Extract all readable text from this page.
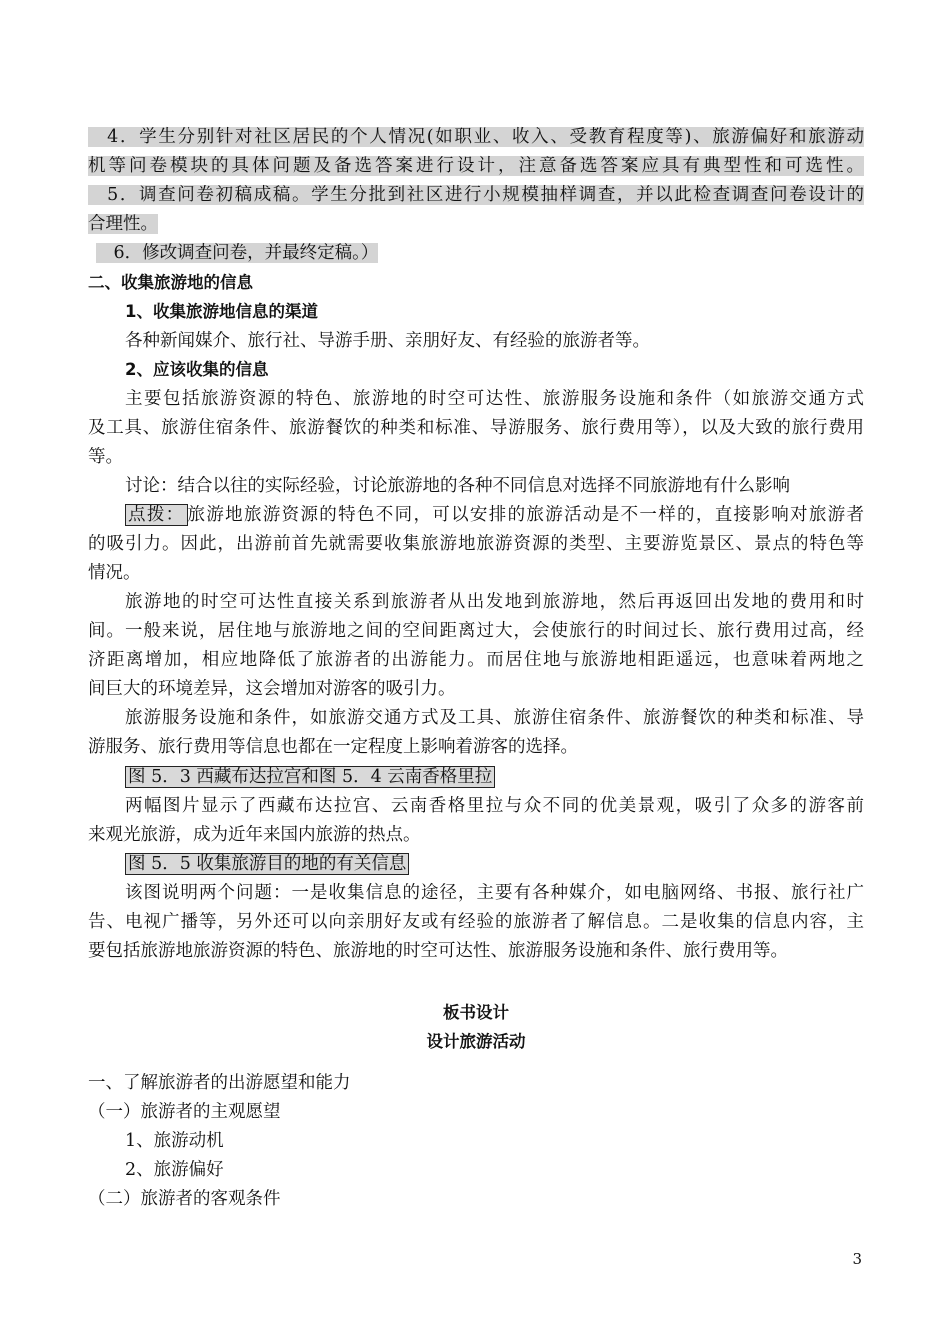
　4．学生分别针对社区居民的个人情况(如职业、收入、受教育程度等)、旅游偏好和旅游动
机等问卷模块的具体问题及备选答案进行设计，注意备选答案应具有典型性和可选性。
　5．调查问卷初稿成稿。学生分批到社区进行小规模抽样调查，并以此检查调查问卷设计的
合理性。
　6．修改调查问卷，并最终定稿。）
二、收集旅游地的信息
1、收集旅游地信息的渠道
各种新闻媒介、旅行社、导游手册、亲朋好友、有经验的旅游者等。
2、应该收集的信息
主要包括旅游资源的特色、旅游地的时空可达性、旅游服务设施和条件（如旅游交通方式
及工具、旅游住宿条件、旅游餐饮的种类和标准、导游服务、旅行费用等），以及大致的旅行费用
等。
讨论：结合以往的实际经验，讨论旅游地的各种不同信息对选择不同旅游地有什么影响
点拨： 旅游地旅游资源的特色不同，可以安排的旅游活动是不一样的，直接影响对旅游者
的吸引力。因此，出游前首先就需要收集旅游地旅游资源的类型、主要游览景区、景点的特色等
情况。
旅游地的时空可达性直接关系到旅游者从出发地到旅游地，然后再返回出发地的费用和时
间。一般来说，居住地与旅游地之间的空间距离过大，会使旅行的时间过长、旅行费用过高，经
济距离增加，相应地降低了旅游者的出游能力。而居住地与旅游地相距遥远，也意味着两地之
间巨大的环境差异，这会增加对游客的吸引力。
旅游服务设施和条件，如旅游交通方式及工具、旅游住宿条件、旅游餐饮的种类和标准、导
游服务、旅行费用等信息也都在一定程度上影响着游客的选择。
图 5．3 西藏布达拉宫和图 5．4 云南香格里拉
两幅图片显示了西藏布达拉宫、云南香格里拉与众不同的优美景观，吸引了众多的游客前
来观光旅游，成为近年来国内旅游的热点。
图 5．5 收集旅游目的地的有关信息
该图说明两个问题：一是收集信息的途径，主要有各种媒介，如电脑网络、书报、旅行社广
告、电视广播等，另外还可以向亲朋好友或有经验的旅游者了解信息。二是收集的信息内容，主
要包括旅游地旅游资源的特色、旅游地的时空可达性、旅游服务设施和条件、旅行费用等。
板书设计
设计旅游活动
一、了解旅游者的出游愿望和能力
（一）旅游者的主观愿望
1、旅游动机
2、旅游偏好
（二）旅游者的客观条件
3
